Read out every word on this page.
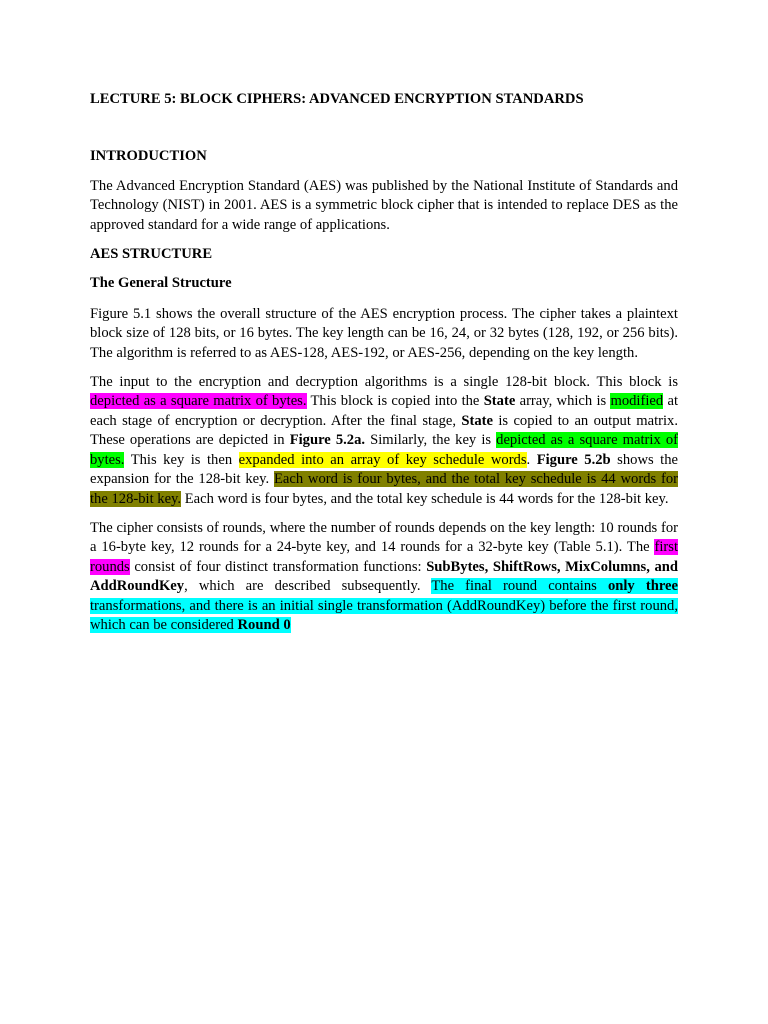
LECTURE 5: BLOCK CIPHERS: ADVANCED ENCRYPTION STANDARDS

INTRODUCTION

The Advanced Encryption Standard (AES) was published by the National Institute of Standards and Technology (NIST) in 2001. AES is a symmetric block cipher that is intended to replace DES as the approved standard for a wide range of applications.

AES STRUCTURE

The General Structure

Figure 5.1 shows the overall structure of the AES encryption process. The cipher takes a plaintext block size of 128 bits, or 16 bytes. The key length can be 16, 24, or 32 bytes (128, 192, or 256 bits). The algorithm is referred to as AES-128, AES-192, or AES-256, depending on the key length.

The input to the encryption and decryption algorithms is a single 128-bit block. This block is depicted as a square matrix of bytes. This block is copied into the State array, which is modified at each stage of encryption or decryption. After the final stage, State is copied to an output matrix. These operations are depicted in Figure 5.2a. Similarly, the key is depicted as a square matrix of bytes. This key is then expanded into an array of key schedule words. Figure 5.2b shows the expansion for the 128-bit key. Each word is four bytes, and the total key schedule is 44 words for the 128-bit key. Each word is four bytes, and the total key schedule is 44 words for the 128-bit key.

The cipher consists of rounds, where the number of rounds depends on the key length: 10 rounds for a 16-byte key, 12 rounds for a 24-byte key, and 14 rounds for a 32-byte key (Table 5.1). The first rounds consist of four distinct transformation functions: SubBytes, ShiftRows, MixColumns, and AddRoundKey, which are described subsequently. The final round contains only three transformations, and there is an initial single transformation (AddRoundKey) before the first round, which can be considered Round 0
